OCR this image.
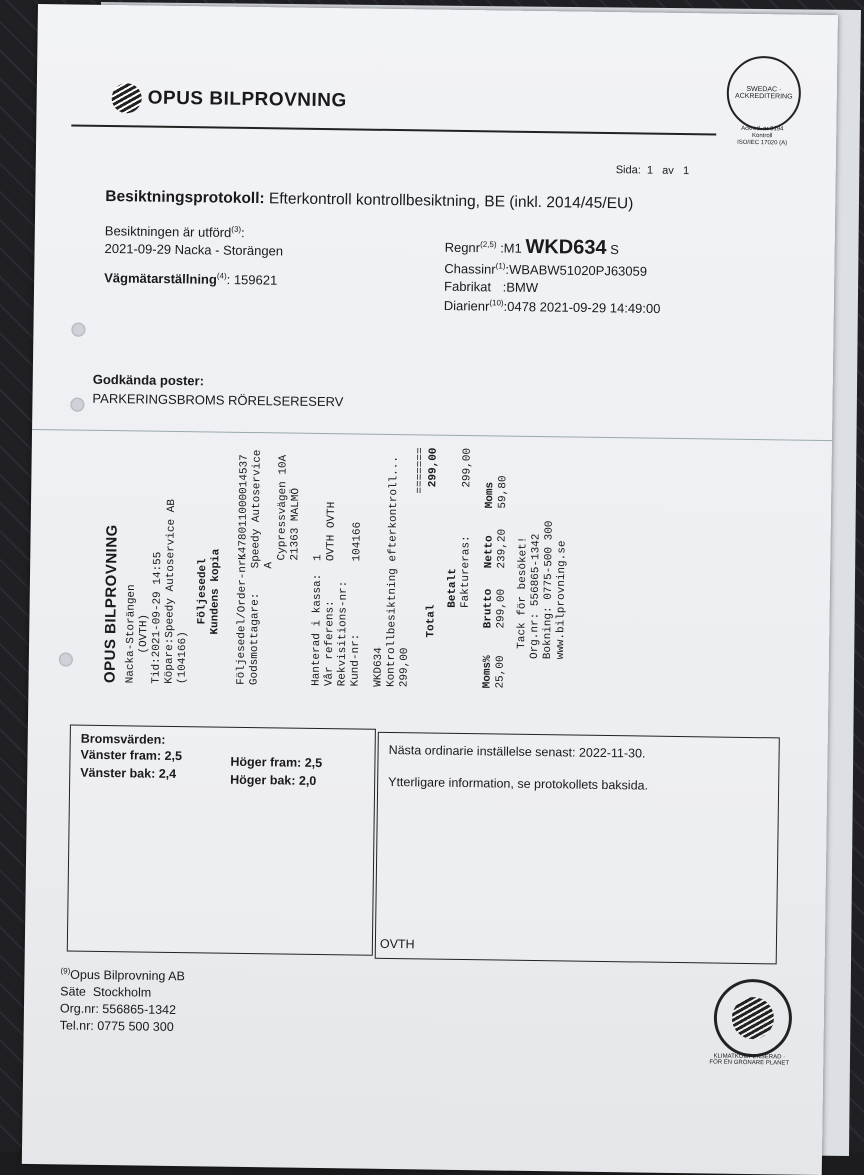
OPUS BILPROVNING	SWEDAC · ACKREDITERING
Ackred. nr 8194
Kontroll
ISO/IEC 17020 (A)
Sida:  1   av   1
Besiktningsprotokoll: Efterkontroll kontrollbesiktning, BE (inkl. 2014/45/EU)
Besiktningen är utförd$^{(3)}$:
2021-09-29 Nacka - Storängen
Vägmätarställning$^{(4)}$: 159621
Regnr$^{(2,5)}$ :M1 WKD634 S
Chassinr$^{(1)}$:WBABW51020PJ63059
Fabrikat :BMW
Diarienr$^{(10)}$:0478 2021-09-29 14:49:00
Godkända poster:
PARKERINGSBROMS RÖRELSERESERV
OPUS BILPROVNING Nacka-Storängen (OVTH) Tid:2021-09-29 14:55 Köpare:Speedy Autoservice AB (104166)
Följesedel Kundens kopia Följesedel/Order-nr:
K478011000014537
Godsmottagare:
Speedy Autoservice A
Cypressvägen 10A 21363 MALMÖ
Hanterad i kassa:
1
Vår referens:
OVTH OVTH
Rekvisitions-nr: Kund-nr:
104166
WKD634 Kontrollbesiktning efterkontroll... 299,00
=======
Total
299,00
Betalt Faktureras:
299,00
Moms%
Brutto
Netto
Moms
25,00
299,00
239,20
59,80
Tack för besöket! Org.nr: 556865-1342 Bokning: 0775-500 300 www.bilprovning.se
Bromsvärden:
Vänster fram: 2,5
Vänster bak: 2,4
Höger fram: 2,5
Höger bak: 2,0
Nästa ordinarie inställelse senast: 2022-11-30.
Ytterligare information, se protokollets baksida.
OVTH
$^{(9)}$Opus Bilprovning AB
Säte  Stockholm
Org.nr: 556865-1342
Tel.nr: 0775 500 300
KLIMATKOMPENSERAD · FÖR EN GRÖNARE PLANET
